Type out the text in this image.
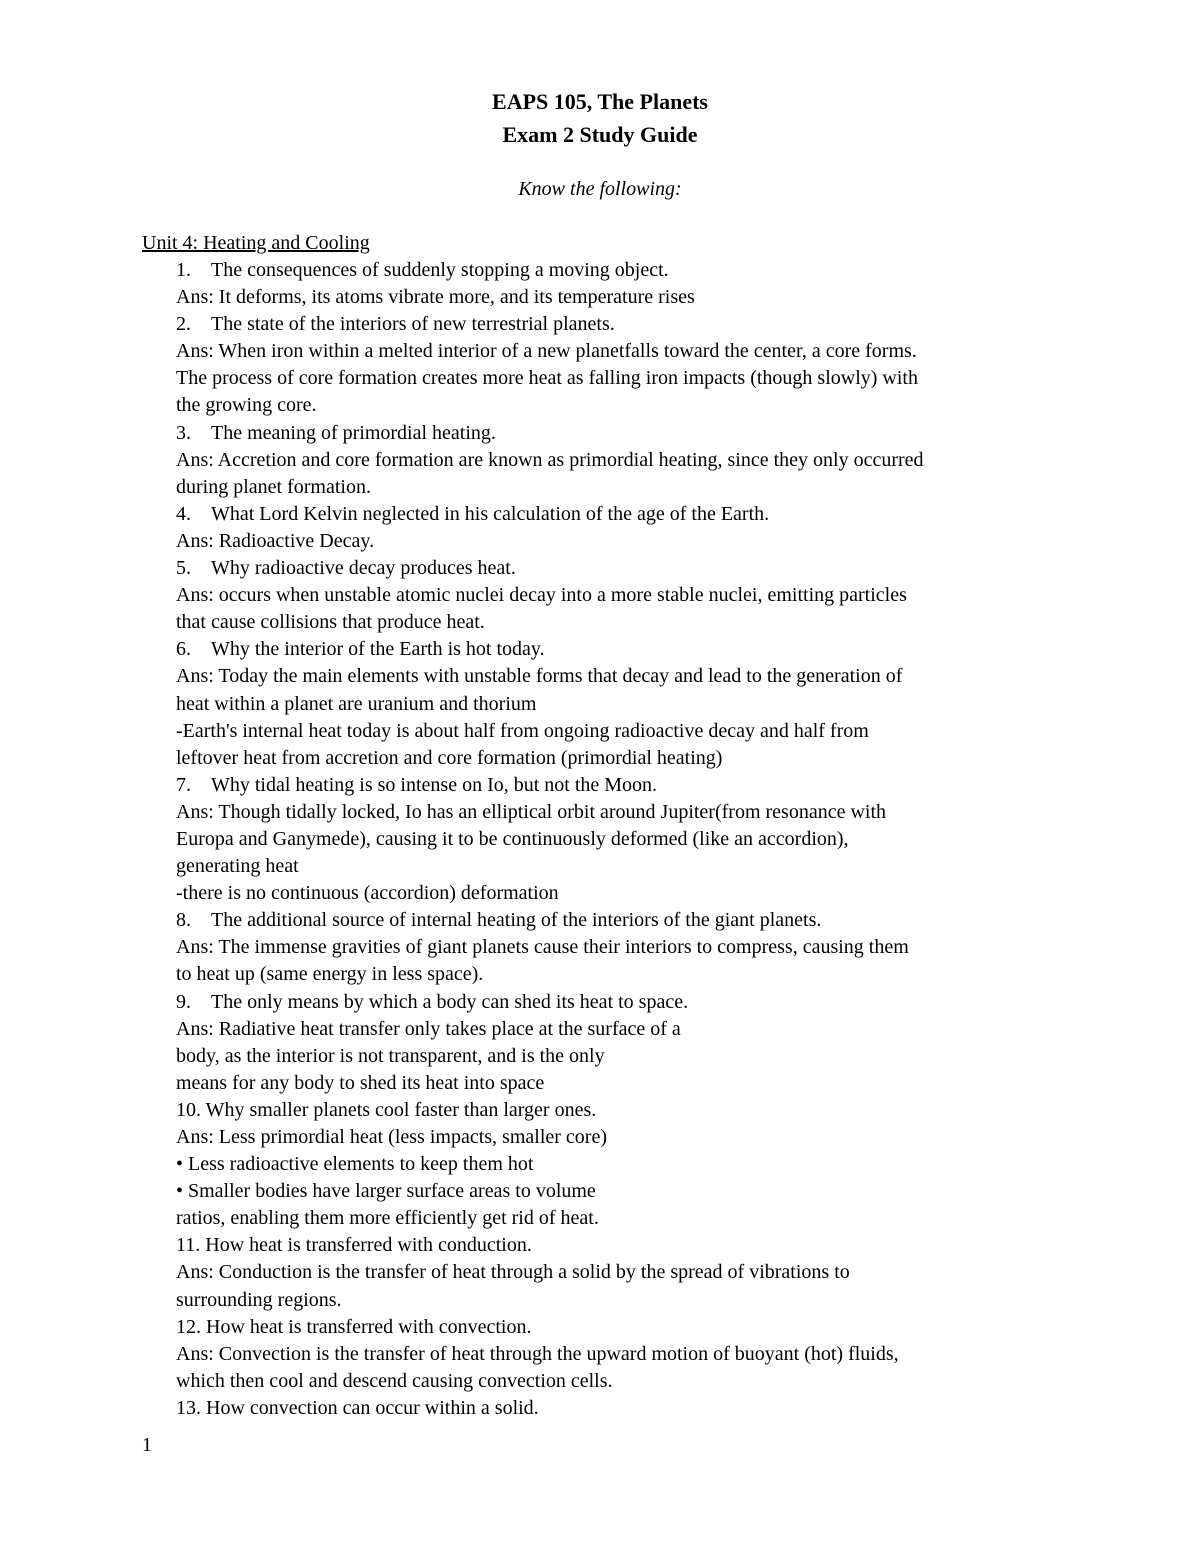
EAPS 105, The Planets
Exam 2 Study Guide
Know the following:
Unit 4: Heating and Cooling
1. The consequences of suddenly stopping a moving object.
Ans: It deforms, its atoms vibrate more, and its temperature rises
2. The state of the interiors of new terrestrial planets.
Ans: When iron within a melted interior of a new planetfalls toward the center, a core forms.
The process of core formation creates more heat as falling iron impacts (though slowly) with
the growing core.
3. The meaning of primordial heating.
Ans: Accretion and core formation are known as primordial heating, since they only occurred
during planet formation.
4. What Lord Kelvin neglected in his calculation of the age of the Earth.
Ans: Radioactive Decay.
5. Why radioactive decay produces heat.
Ans: occurs when unstable atomic nuclei decay into a more stable nuclei, emitting particles
that cause collisions that produce heat.
6. Why the interior of the Earth is hot today.
Ans: Today the main elements with unstable forms that decay and lead to the generation of
heat within a planet are uranium and thorium
-Earth's internal heat today is about half from ongoing radioactive decay and half from
leftover heat from accretion and core formation (primordial heating)
7. Why tidal heating is so intense on Io, but not the Moon.
Ans: Though tidally locked, Io has an elliptical orbit around Jupiter(from resonance with
Europa and Ganymede), causing it to be continuously deformed (like an accordion),
generating heat
-there is no continuous (accordion) deformation
8. The additional source of internal heating of the interiors of the giant planets.
Ans: The immense gravities of giant planets cause their interiors to compress, causing them
to heat up (same energy in less space).
9. The only means by which a body can shed its heat to space.
Ans: Radiative heat transfer only takes place at the surface of a
body, as the interior is not transparent, and is the only
means for any body to shed its heat into space
10. Why smaller planets cool faster than larger ones.
Ans: Less primordial heat (less impacts, smaller core)
• Less radioactive elements to keep them hot
• Smaller bodies have larger surface areas to volume
ratios, enabling them more efficiently get rid of heat.
11. How heat is transferred with conduction.
Ans: Conduction is the transfer of heat through a solid by the spread of vibrations to
surrounding regions.
12. How heat is transferred with convection.
Ans: Convection is the transfer of heat through the upward motion of buoyant (hot) fluids,
which then cool and descend causing convection cells.
13. How convection can occur within a solid.
1
